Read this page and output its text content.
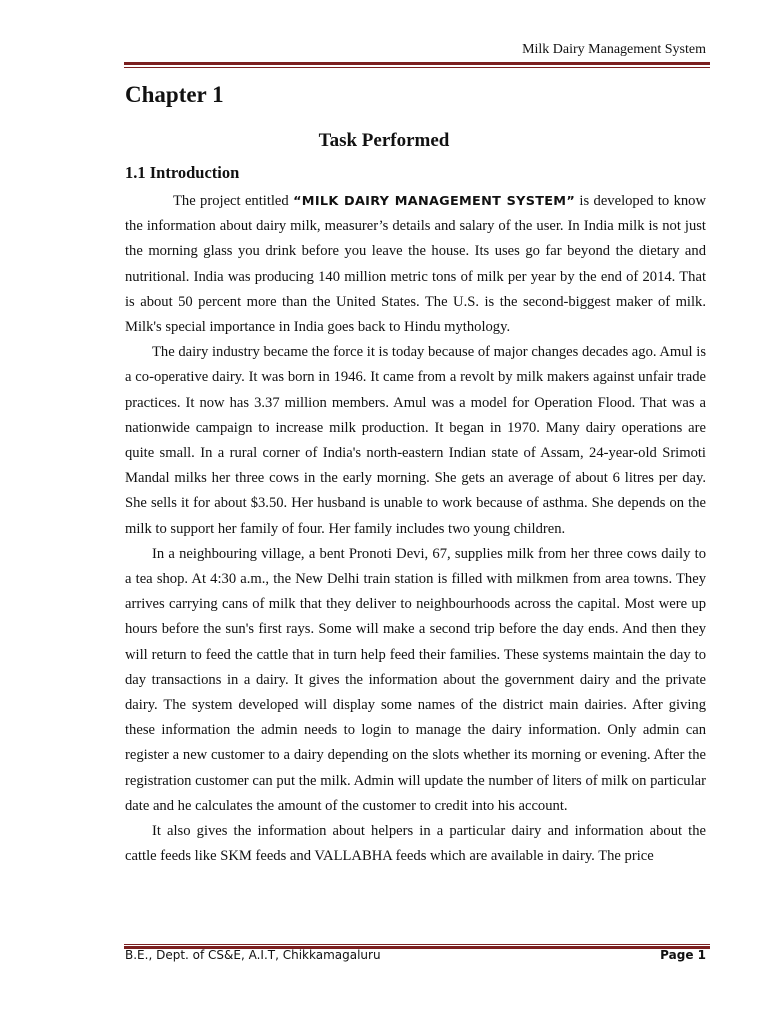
Milk Dairy Management System
Chapter 1
Task Performed
1.1 Introduction

The project entitled “MILK DAIRY MANAGEMENT SYSTEM” is developed to know the information about dairy milk, measurer’s details and salary of the user. In India milk is not just the morning glass you drink before you leave the house. Its uses go far beyond the dietary and nutritional. India was producing 140 million metric tons of milk per year by the end of 2014. That is about 50 percent more than the United States. The U.S. is the second-biggest maker of milk. Milk's special importance in India goes back to Hindu mythology.

The dairy industry became the force it is today because of major changes decades ago. Amul is a co-operative dairy. It was born in 1946. It came from a revolt by milk makers against unfair trade practices. It now has 3.37 million members. Amul was a model for Operation Flood. That was a nationwide campaign to increase milk production. It began in 1970. Many dairy operations are quite small. In a rural corner of India's north-eastern Indian state of Assam, 24-year-old Srimoti Mandal milks her three cows in the early morning. She gets an average of about 6 litres per day. She sells it for about $3.50. Her husband is unable to work because of asthma. She depends on the milk to support her family of four. Her family includes two young children.

In a neighbouring village, a bent Pronoti Devi, 67, supplies milk from her three cows daily to a tea shop. At 4:30 a.m., the New Delhi train station is filled with milkmen from area towns. They arrives carrying cans of milk that they deliver to neighbourhoods across the capital. Most were up hours before the sun's first rays. Some will make a second trip before the day ends. And then they will return to feed the cattle that in turn help feed their families. These systems maintain the day to day transactions in a dairy. It gives the information about the government dairy and the private dairy. The system developed will display some names of the district main dairies. After giving these information the admin needs to login to manage the dairy information. Only admin can register a new customer to a dairy depending on the slots whether its morning or evening. After the registration customer can put the milk. Admin will update the number of liters of milk on particular date and he calculates the amount of the customer to credit into his account.

It also gives the information about helpers in a particular dairy and information about the cattle feeds like SKM feeds and VALLABHA feeds which are available in dairy. The price

B.E., Dept. of CS&E, A.I.T, Chikkamagaluru	Page 1
